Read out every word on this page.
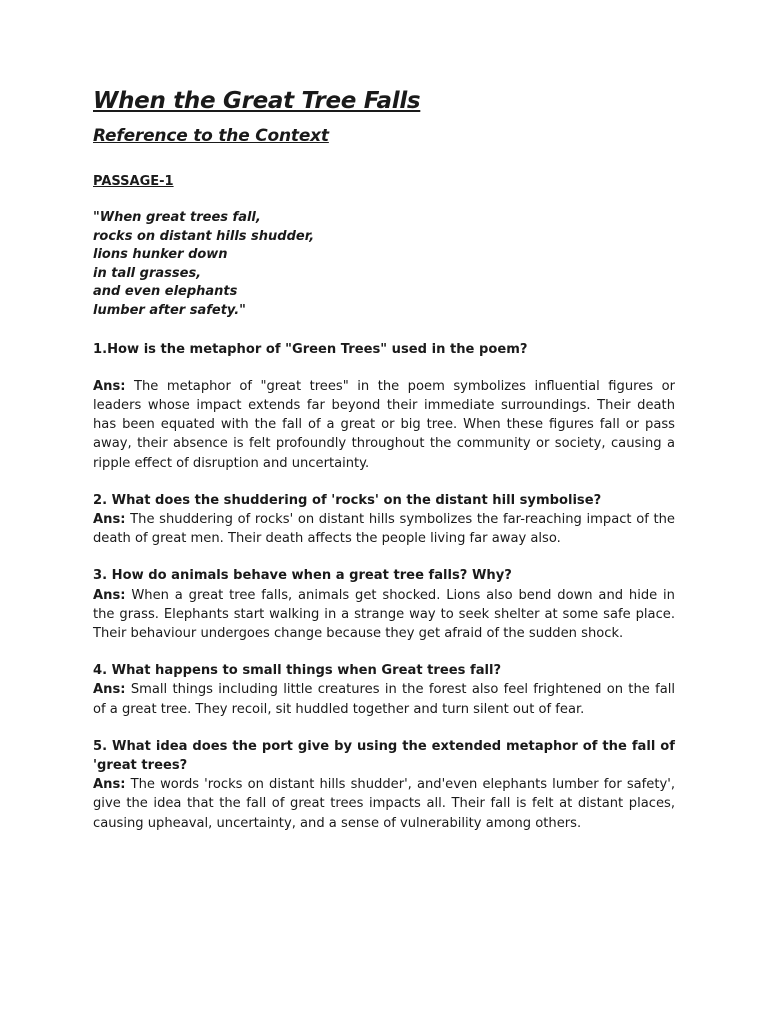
When the Great Tree Falls
Reference to the Context

PASSAGE-1

"When great trees fall,
rocks on distant hills shudder,
lions hunker down
in tall grasses,
and even elephants
lumber after safety."

1.How is the metaphor of "Green Trees" used in the poem?

Ans: The metaphor of "great trees" in the poem symbolizes influential figures or leaders whose impact extends far beyond their immediate surroundings. Their death has been equated with the fall of a great or big tree. When these figures fall or pass away, their absence is felt profoundly throughout the community or society, causing a ripple effect of disruption and uncertainty.

2. What does the shuddering of 'rocks' on the distant hill symbolise?

Ans: The shuddering of rocks' on distant hills symbolizes the far-reaching impact of the death of great men. Their death affects the people living far away also.

3. How do animals behave when a great tree falls? Why?

Ans: When a great tree falls, animals get shocked. Lions also bend down and hide in the grass. Elephants start walking in a strange way to seek shelter at some safe place. Their behaviour undergoes change because they get afraid of the sudden shock.

4. What happens to small things when Great trees fall?

Ans: Small things including little creatures in the forest also feel frightened on the fall of a great tree. They recoil, sit huddled together and turn silent out of fear.

5. What idea does the port give by using the extended metaphor of the fall of 'great trees?

Ans: The words 'rocks on distant hills shudder', and'even elephants lumber for safety', give the idea that the fall of great trees impacts all. Their fall is felt at distant places, causing upheaval, uncertainty, and a sense of vulnerability among others.
